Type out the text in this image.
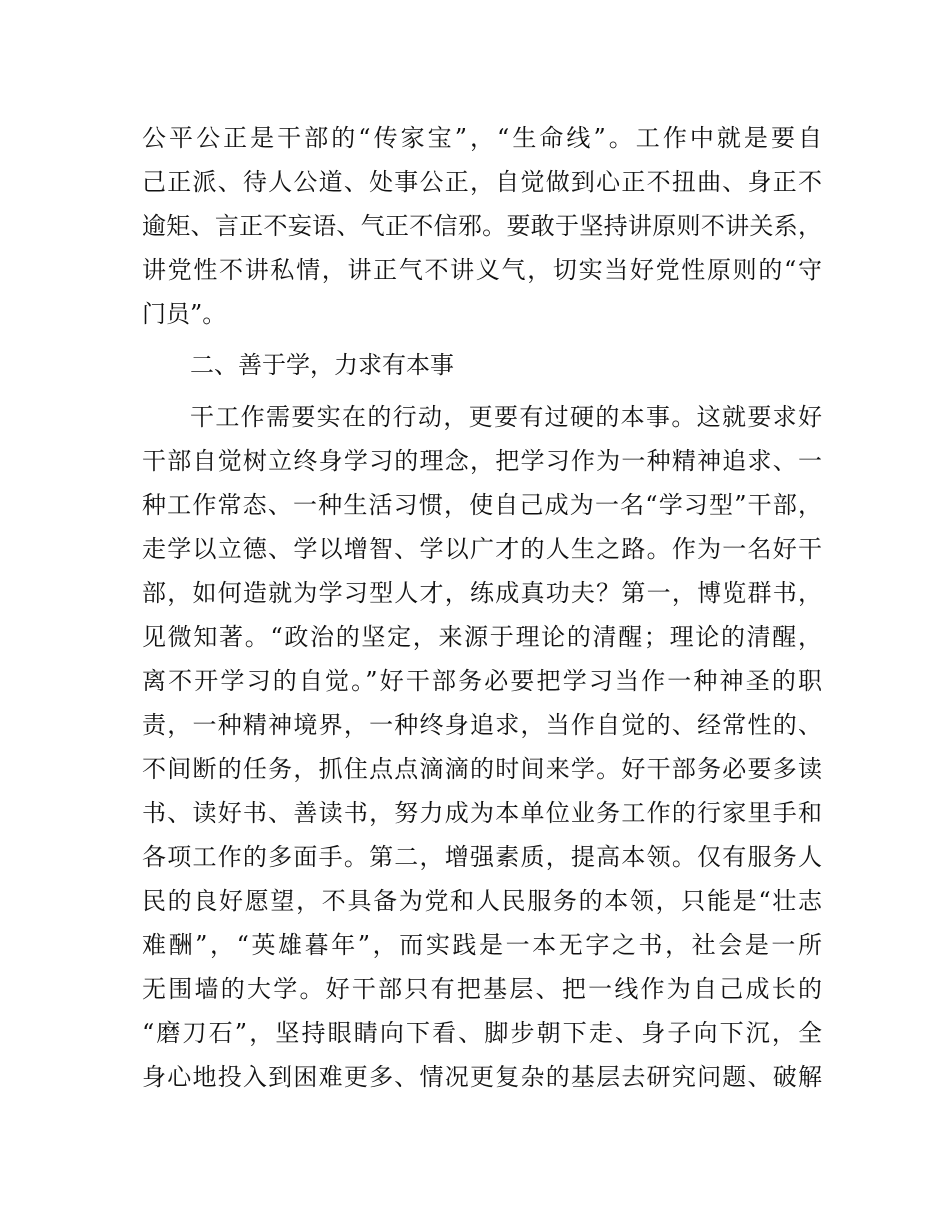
公平公正是干部的“传家宝”，“生命线”。工作中就是要自
己正派、待人公道、处事公正，自觉做到心正不扭曲、身正不
逾矩、言正不妄语、气正不信邪。要敢于坚持讲原则不讲关系，
讲党性不讲私情，讲正气不讲义气，切实当好党性原则的“守
门员”。
二、善于学，力求有本事
干工作需要实在的行动，更要有过硬的本事。这就要求好
干部自觉树立终身学习的理念，把学习作为一种精神追求、一
种工作常态、一种生活习惯，使自己成为一名“学习型”干部，
走学以立德、学以增智、学以广才的人生之路。作为一名好干
部，如何造就为学习型人才，练成真功夫？第一，博览群书，
见微知著。“政治的坚定，来源于理论的清醒；理论的清醒，
离不开学习的自觉。”好干部务必要把学习当作一种神圣的职
责，一种精神境界，一种终身追求，当作自觉的、经常性的、
不间断的任务，抓住点点滴滴的时间来学。好干部务必要多读
书、读好书、善读书，努力成为本单位业务工作的行家里手和
各项工作的多面手。第二，增强素质，提高本领。仅有服务人
民的良好愿望，不具备为党和人民服务的本领，只能是“壮志
难酬”，“英雄暮年”，而实践是一本无字之书，社会是一所
无围墙的大学。好干部只有把基层、把一线作为自己成长的
“磨刀石”，坚持眼睛向下看、脚步朝下走、身子向下沉，全
身心地投入到困难更多、情况更复杂的基层去研究问题、破解
